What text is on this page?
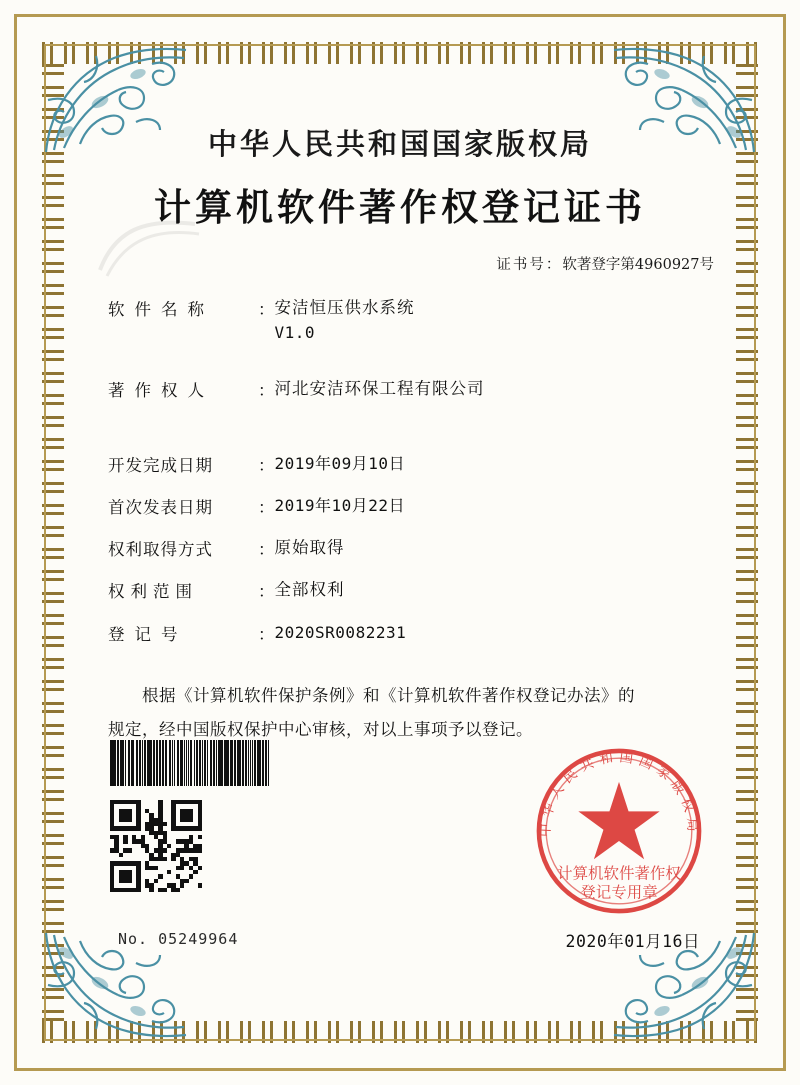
中华人民共和国国家版权局
计算机软件著作权登记证书
证书号：软著登字第4960927号
软件名称	： 安洁恒压供水系统
V1.0
著作权人	： 河北安洁环保工程有限公司
开发完成日期	： 2019年09月10日
首次发表日期	： 2019年10月22日
权利取得方式	： 原始取得
权利范围	： 全部权利
登记号	： 2020SR0082231
根据《计算机软件保护条例》和《计算机软件著作权登记办法》的
规定，经中国版权保护中心审核，对以上事项予以登记。
中华人民共和国国家版权局
计算机软件著作权
登记专用章
No. 05249964	2020年01月16日
